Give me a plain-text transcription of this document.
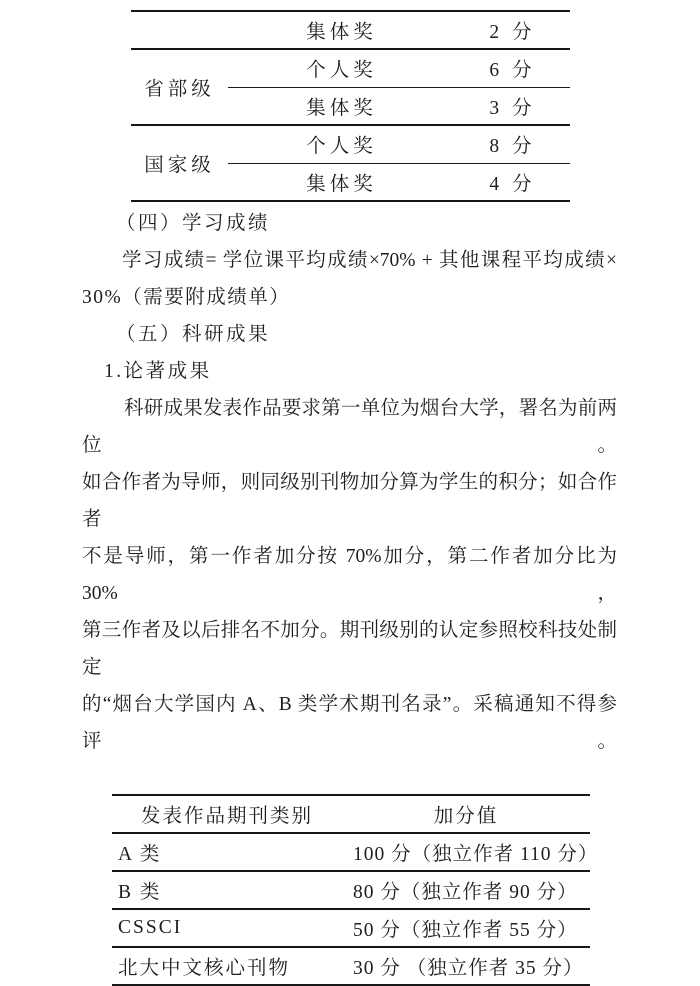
	集体奖	2 分
省部级	个人奖	6 分
	集体奖	3 分
国家级	个人奖	8 分
	集体奖	4 分
（四）学习成绩
学习成绩= 学位课平均成绩×70% + 其他课程平均成绩×
30%（需要附成绩单）
（五）科研成果
1.论著成果
科研成果发表作品要求第一单位为烟台大学，署名为前两位。
如合作者为导师，则同级别刊物加分算为学生的积分；如合作者
不是导师，第一作者加分按 70%加分，第二作者加分比为 30%，
第三作者及以后排名不加分。期刊级别的认定参照校科技处制定
的“烟台大学国内 A、B 类学术期刊名录”。采稿通知不得参评。
发表作品期刊类别	加分值
A 类	100 分（独立作者 110 分）
B 类	80 分（独立作者 90 分）
CSSCI	50 分（独立作者 55 分）
北大中文核心刊物	30 分 （独立作者 35 分）
